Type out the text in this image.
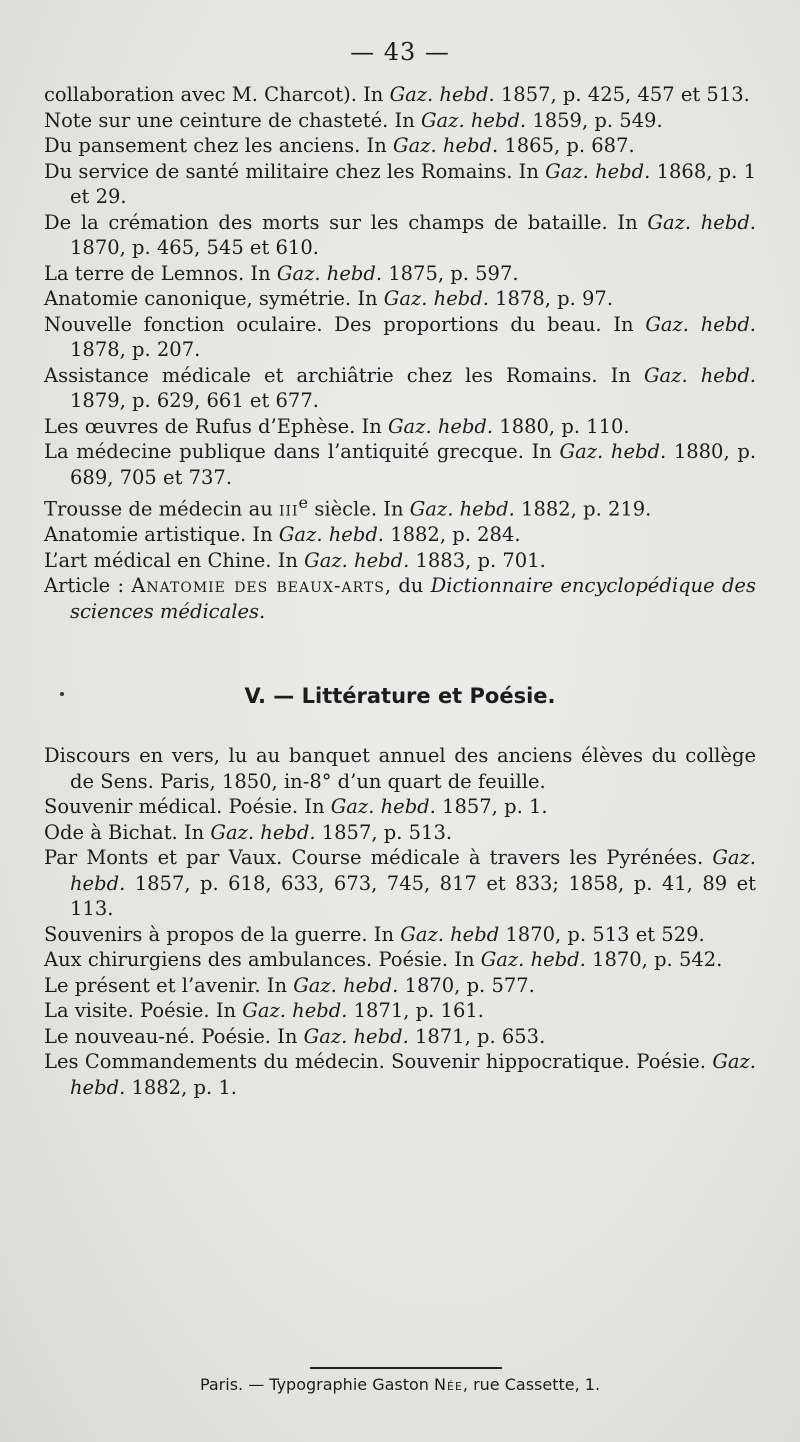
— 43 —
collaboration avec M. Charcot). In Gaz. hebd. 1857, p. 425, 457 et 513.
Note sur une ceinture de chasteté. In Gaz. hebd. 1859, p. 549.
Du pansement chez les anciens. In Gaz. hebd. 1865, p. 687.
Du service de santé militaire chez les Romains. In Gaz. hebd. 1868, p. 1 et 29.
De la crémation des morts sur les champs de bataille. In Gaz. hebd. 1870, p. 465, 545 et 610.
La terre de Lemnos. In Gaz. hebd. 1875, p. 597.
Anatomie canonique, symétrie. In Gaz. hebd. 1878, p. 97.
Nouvelle fonction oculaire. Des proportions du beau. In Gaz. hebd. 1878, p. 207.
Assistance médicale et archiâtrie chez les Romains. In Gaz. hebd. 1879, p. 629, 661 et 677.
Les œuvres de Rufus d’Ephèse. In Gaz. hebd. 1880, p. 110.
La médecine publique dans l’antiquité grecque. In Gaz. hebd. 1880, p. 689, 705 et 737.
Trousse de médecin au iii$^e$ siècle. In Gaz. hebd. 1882, p. 219.
Anatomie artistique. In Gaz. hebd. 1882, p. 284.
L’art médical en Chine. In Gaz. hebd. 1883, p. 701.
Article : Anatomie des beaux-arts, du Dictionnaire encyclopédique des sciences médicales.
V. — Littérature et Poésie.
Discours en vers, lu au banquet annuel des anciens élèves du collège de Sens. Paris, 1850, in-8° d’un quart de feuille.
Souvenir médical. Poésie. In Gaz. hebd. 1857, p. 1.
Ode à Bichat. In Gaz. hebd. 1857, p. 513.
Par Monts et par Vaux. Course médicale à travers les Pyrénées. Gaz. hebd. 1857, p. 618, 633, 673, 745, 817 et 833; 1858, p. 41, 89 et 113.
Souvenirs à propos de la guerre. In Gaz. hebd 1870, p. 513 et 529.
Aux chirurgiens des ambulances. Poésie. In Gaz. hebd. 1870, p. 542.
Le présent et l’avenir. In Gaz. hebd. 1870, p. 577.
La visite. Poésie. In Gaz. hebd. 1871, p. 161.
Le nouveau-né. Poésie. In Gaz. hebd. 1871, p. 653.
Les Commandements du médecin. Souvenir hippocratique. Poésie. Gaz. hebd. 1882, p. 1.
Paris. — Typographie Gaston Née, rue Cassette, 1.
